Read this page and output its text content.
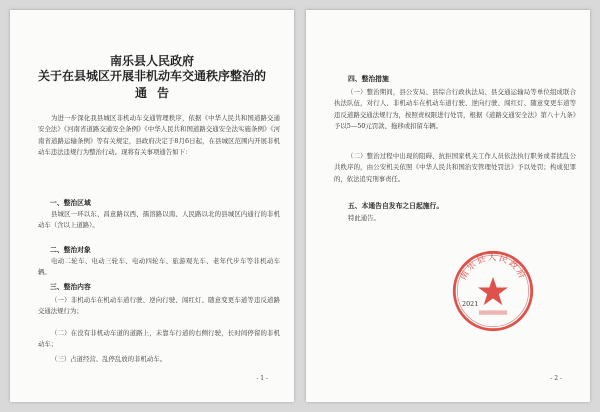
南乐县人民政府
关于在县城区开展非机动车交通秩序整治的
通告
为进一步深化我县城区非机动车交通管理秩序，依据《中华人民共和国道路交通安全法》《河南省道路交通安全条例》《中华人民共和国道路交通安全法实施条例》《河南省道路运输条例》等有关规定，县政府决定于8月6日起，在县城区范围内开展非机动车违法违规行为整治行动。现将有关事项通告如下：
一、整治区域
县城区一环以东、昌意路以西、孺溶路以南、人民路以北的县城区内通行的非机动车（含以上道路）。
二、整治对象
电动二轮车、电动三轮车、电动四轮车、旅游观光车、老年代步车等非机动车辆。
三、整治内容
（一）非机动车在机动车道行驶、逆向行驶、闯红灯、随意变更车道等违反道路交通法规行为；
（二）在没有非机动车道的道路上，未靠车行道的右侧行驶，长时间停留的非机动车；
（三）占道经营、乱停乱放的非机动车。
- 1 -
四、整治措施
（一）整治期间，县公安局、县综合行政执法局、县交通运输局等单位组成联合执法队伍，对行人、非机动车在机动车道行驶、逆向行驶、闯红灯、随意变更车道等违反道路交通法规行为，按照责权限进行处罚，根据《道路交通安全法》第八十九条》予以5—50元罚款、拖移或扣留车辆。
（二）整治过程中出现的阻碍、抗拒国家机关工作人员依法执行职务或者扰乱公共秩序的，由公安机关依照《中华人民共和国治安管理处罚法》予以处罚；构成犯罪的，依法追究刑事责任。
五、本通告自发布之日起施行。
特此通告。
2021
南乐县人民政府
- 2 -
